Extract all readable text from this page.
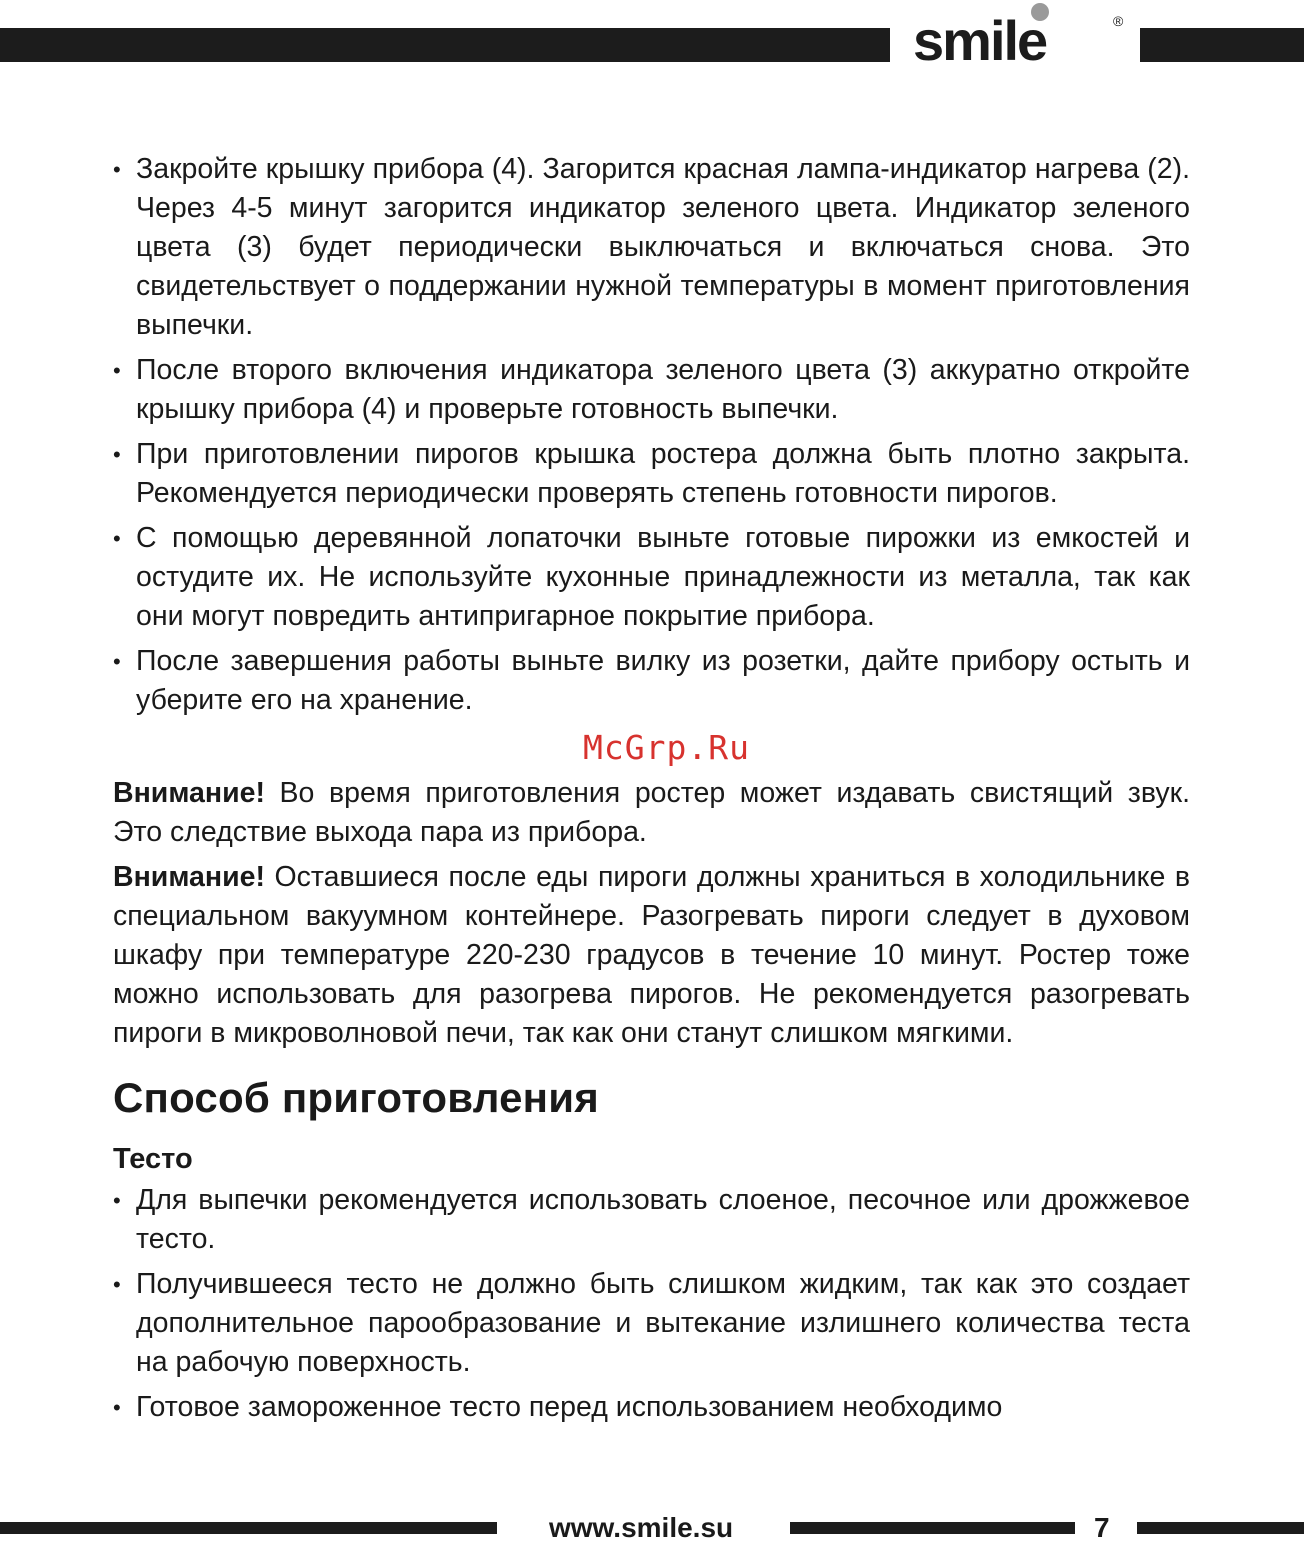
smile	®
• Закройте крышку прибора (4). Загорится красная лампа-индикатор нагрева (2). Через 4-5 минут загорится индикатор зеленого цвета. Индикатор зеленого цвета (3) будет периодически выключаться и включаться снова. Это свидетельствует о поддержании нужной температуры в момент приготовления выпечки.
• После второго включения индикатора зеленого цвета (3) аккуратно откройте крышку прибора (4) и проверьте готовность выпечки.
• При приготовлении пирогов крышка ростера должна быть плотно закрыта. Рекомендуется периодически проверять степень готовности пирогов.
• С помощью деревянной лопаточки выньте готовые пирожки из емкостей и остудите их. Не используйте кухонные принадлежности из металла, так как они могут повредить антипригарное покрытие прибора.
• После завершения работы выньте вилку из розетки, дайте прибору остыть и уберите его на хранение.
McGrp.Ru

Внимание! Во время приготовления ростер может издавать свистящий звук. Это следствие выхода пара из прибора.

Внимание! Оставшиеся после еды пироги должны храниться в холодильнике в специальном вакуумном контейнере. Разогревать пироги следует в духовом шкафу при температуре 220-230 градусов в течение 10 минут. Ростер тоже можно использовать для разогрева пирогов. Не рекомендуется разогревать пироги в микроволновой печи, так как они станут слишком мягкими.

Способ приготовления
Тесто
• Для выпечки рекомендуется использовать слоеное, песочное или дрожжевое тесто.
• Получившееся тесто не должно быть слишком жидким, так как это создает дополнительное парообразование и вытекание излишнего количества теста на рабочую поверхность.
• Готовое замороженное тесто перед использованием необходимо
www.smile.su	7
